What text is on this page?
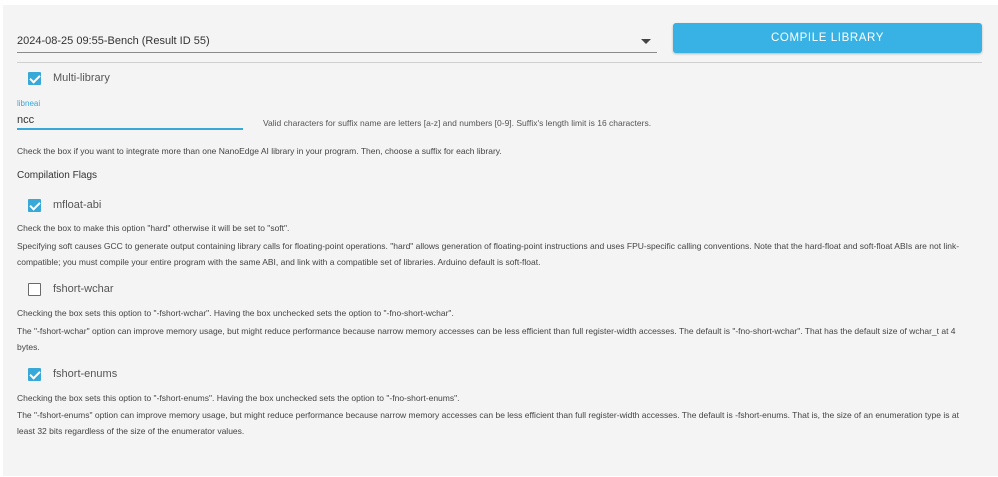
2024-08-25 09:55-Bench (Result ID 55)	COMPILE LIBRARY
Multi-library
libneai
ncc
Valid characters for suffix name are letters [a-z] and numbers [0-9]. Suffix's length limit is 16 characters.
Check the box if you want to integrate more than one NanoEdge AI library in your program. Then, choose a suffix for each library.
Compilation Flags
mfloat-abi
Check the box to make this option "hard" otherwise it will be set to "soft".
Specifying soft causes GCC to generate output containing library calls for floating-point operations. "hard" allows generation of floating-point instructions and uses FPU-specific calling conventions. Note that the hard-float and soft-float ABIs are not link-compatible; you must compile your entire program with the same ABI, and link with a compatible set of libraries. Arduino default is soft-float.
fshort-wchar
Checking the box sets this option to "-fshort-wchar". Having the box unchecked sets the option to "-fno-short-wchar".
The "-fshort-wchar" option can improve memory usage, but might reduce performance because narrow memory accesses can be less efficient than full register-width accesses. The default is "-fno-short-wchar". That has the default size of wchar_t at 4 bytes.
fshort-enums
Checking the box sets this option to "-fshort-enums". Having the box unchecked sets the option to "-fno-short-enums".
The "-fshort-enums" option can improve memory usage, but might reduce performance because narrow memory accesses can be less efficient than full register-width accesses. The default is -fshort-enums. That is, the size of an enumeration type is at least 32 bits regardless of the size of the enumerator values.
